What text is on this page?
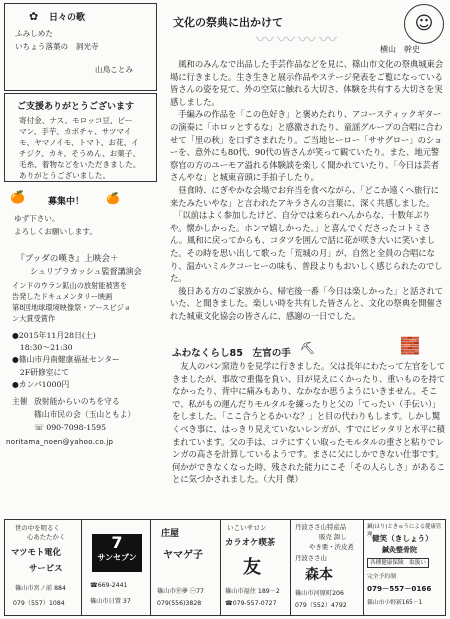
✿ 日々の歌
ふみしめた
いちょう落葉の　洞光寺
山鳥ことみ
ご支援ありがとうございます

寄付金、ナス、モロッコ豆、ピー

マン、手芋、カボチャ、サツマイ

モ、ヤマノイモ、トマト、お花、イ

チジク、カキ、そうめん、お菓子、

毛糸、着物などをいただきました。

ありがとうございました。

🍊	募集中！ 🍊
ゆず下さい。
よろしくお願いします。
『ブッダの嘆き』上映会＋
シュリプラカッシュ監督講演会

インドのウラン鉱山の放射能被害を

告発したドキュメンタリー映画

第8回地球環境映像祭・アースビジョ

ン大賞受賞作

●2015年11月28日(土)

　18:30～21:30

●篠山市丹南健康福祉センター

　2F研修室にて

●カンパ1000円

主催 放射能からいのちを守る
篠山市民の会（玉山ともよ）
☏ 090-7098-1595
noritama_noen@yahoo.co.jp
文化の祭典に出かけて
〰〰〰〰
☺
横山　幹史

　風和のみんなで出品した手芸作品などを見に、篠山市文化の祭典城東会場に行きました。生き生きと展示作品やステージ発表をご覧になっている皆さんの姿を見て、外の空気に触れる大切さ、体験を共有する大切さを実感しました。

　手編みの作品を「この色好き」と褒めたれり、アコースティックギターの演奏に「ホロッとするな」と感激されたり、童謡グループの合唱に合わせて「里の秋」を口ずさまれたり。ご当地ヒーロー「ササグロー」のショーを、意外にも80代、90代の皆さんが笑って観ていたり。また、地元警察官の方のユーモア溢れる体験談を楽しく聞かれていたり、「今日は芸者さんやな」と城東音頭に手拍子したり。

　昼食時、にぎやかな会場でお弁当を食べながら、「どこか遠くへ旅行に来たみたいやな」と言われたアキラさんの言葉に、深く共感しました。

　「以前はよく参加したけど、自分では来られへんからな、十数年ぶりや。懐かしかった。ホンマ嬉しかった。」と喜んでくださったコトミさん。風和に戻ってからも、コタツを囲んで話に花が咲き大いに笑いました。その時を思い出して歌った「荒城の月」が、自然と全員の合唱になり、温かいミルクコーヒーの味も、普段よりもおいしく感じられたのでした。

　後日ある方のご家族から、帰宅後一番「今日は楽しかった」と話されていた、と聞きました。楽しい時を共有した皆さんと、文化の祭典を開催された城東文化協会の皆さんに、感謝の一日でした。

ふわなくらし85　左官の手 ⛏	🧱
　友人のパン窯造りを見学に行きました。父は長年にわたって左官をしてきましたが、事故で重傷を負い、目が見えにくかったり、重いものを持てなかったり、背中に痛みもあり、なかなか思うようにいきません。そこで、私がもの運んだりモルタルを練ったりと父の「てったい（手伝い）」をしました。「ここ合うとるかいな？」と目の代わりもします。しかし驚くべき事に、はっきり見えていないレンガが、すでにピッタリと水平に積まれています。父の手は、コテにすくい取ったモルタルの重さと粘りでレンガの高さを計算しているようです。まさに父にしかできない仕事です。何かができなくなった時、残された能力にこそ「その人らしさ」があることに気づかされました。（大月 傑）
世の中を明るく
心あたたかく
マツモト電化
サービス
篠山市宮ノ前 884
079（557）1084
7
サンセブン
☎669-2441
篠山市日置 37
庄屋
ヤマゲ子
篠山市㊥夢 ㊀77
079(556)3828
いこいサロン
カラオケ喫茶
友
篠山市福住 189－2
☎079-557-0727
丹波ささ山特産品
販売 卸し
やき栗・渋皮煮
丹波ささ山
森本
篠山市河原町206
079（552）4792
鍼(はり)ときゅうによる健康管理 健笑（きしょう）
鍼灸整骨院
各種健康保険　取扱い
完全予約制
079－557－0166
篠山市小野新165－1
